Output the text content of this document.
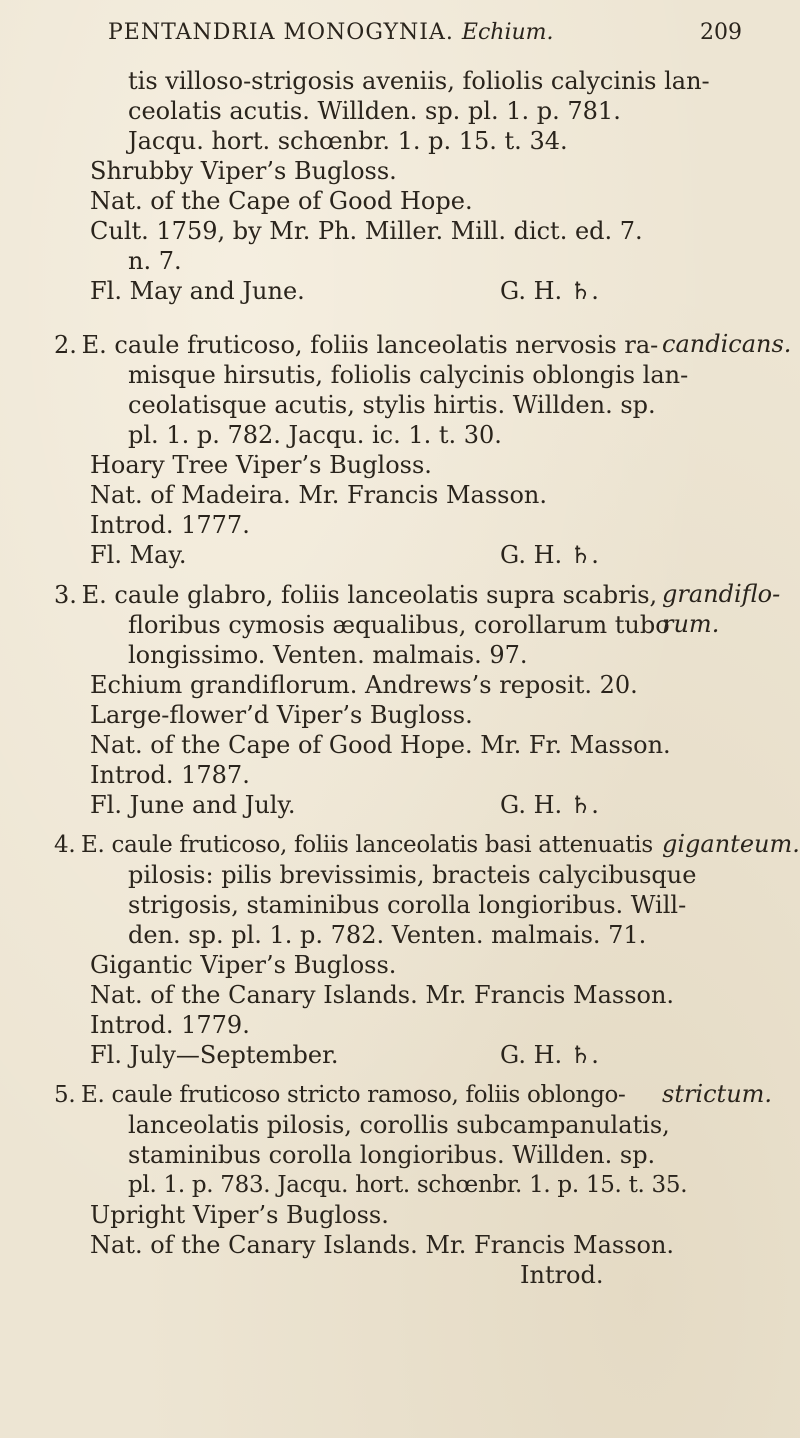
PENTANDRIA MONOGYNIA. Echium.	209
tis villoso-strigosis aveniis, foliolis calycinis lan-
ceolatis acutis. Willden. sp. pl. 1. p. 781.
Jacqu. hort. schœnbr. 1. p. 15. t. 34.
Shrubby Viper’s Bugloss.
Nat. of the Cape of Good Hope.
Cult. 1759, by Mr. Ph. Miller. Mill. dict. ed. 7.
n. 7.
Fl. May and June.	G. H. ♄.
2. E. caule fruticoso, foliis lanceolatis nervosis ra-
misque hirsutis, foliolis calycinis oblongis lan-
ceolatisque acutis, stylis hirtis. Willden. sp.
pl. 1. p. 782. Jacqu. ic. 1. t. 30.
Hoary Tree Viper’s Bugloss.
Nat. of Madeira. Mr. Francis Masson.
Introd. 1777.
Fl. May.	G. H. ♄.
candicans.
3. E. caule glabro, foliis lanceolatis supra scabris,
floribus cymosis æqualibus, corollarum tubo
longissimo. Venten. malmais. 97.
Echium grandiflorum. Andrews’s reposit. 20.
Large-flower’d Viper’s Bugloss.
Nat. of the Cape of Good Hope. Mr. Fr. Masson.
Introd. 1787.
Fl. June and July.	G. H. ♄.
grandiflo-
rum.
4. E. caule fruticoso, foliis lanceolatis basi attenuatis
pilosis: pilis brevissimis, bracteis calycibusque
strigosis, staminibus corolla longioribus. Will-
den. sp. pl. 1. p. 782. Venten. malmais. 71.
Gigantic Viper’s Bugloss.
Nat. of the Canary Islands. Mr. Francis Masson.
Introd. 1779.
Fl. July—September.	G. H. ♄.
giganteum.
5. E. caule fruticoso stricto ramoso, foliis oblongo-
lanceolatis pilosis, corollis subcampanulatis,
staminibus corolla longioribus. Willden. sp.
pl. 1. p. 783. Jacqu. hort. schœnbr. 1. p. 15. t. 35.
Upright Viper’s Bugloss.
Nat. of the Canary Islands. Mr. Francis Masson.
Introd.
strictum.
